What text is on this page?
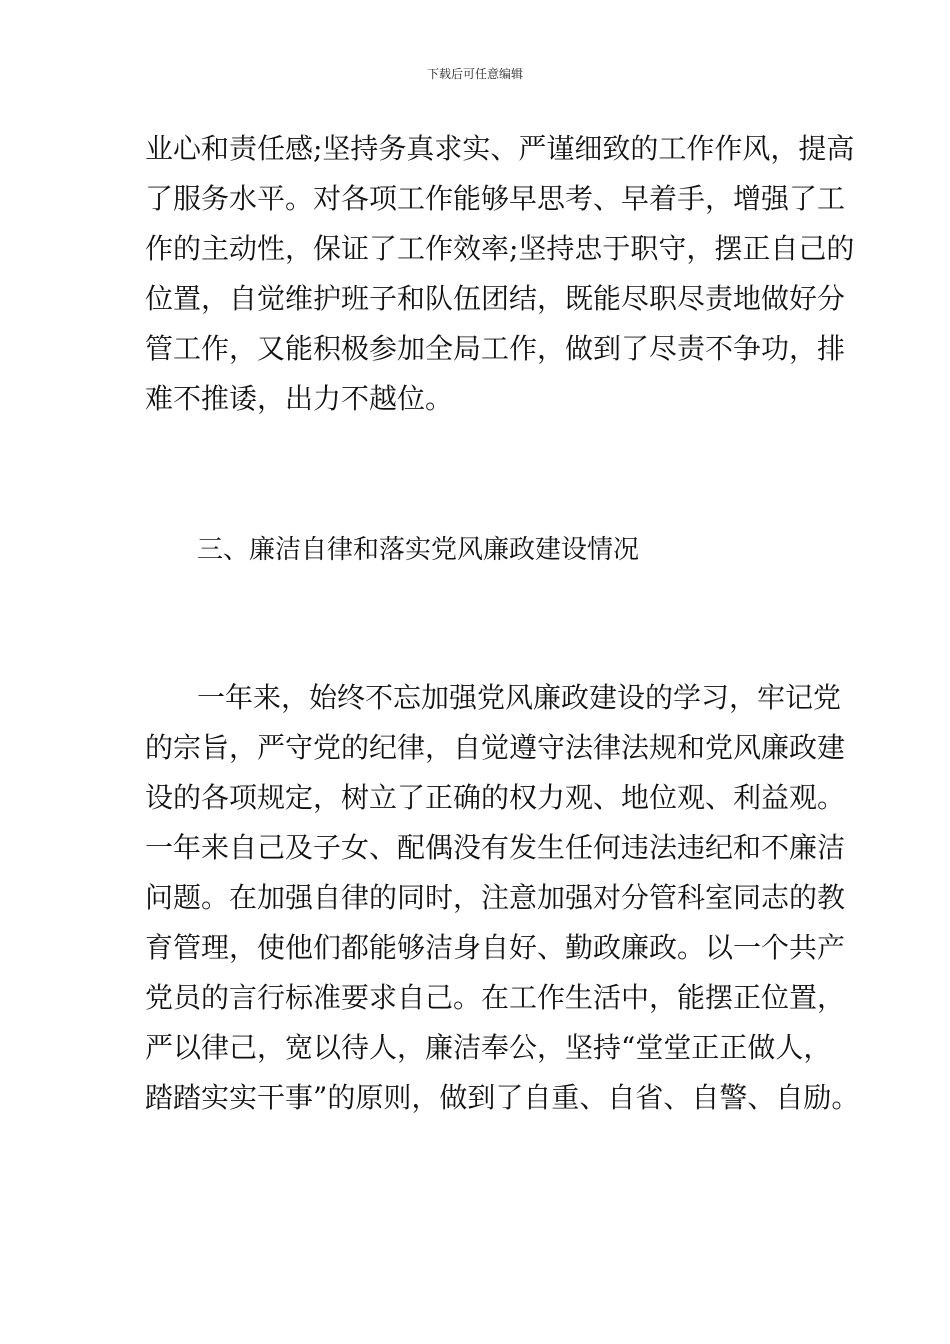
下载后可任意编辑
业心和责任感;坚持务真求实、严谨细致的工作作风，提高
了服务水平。对各项工作能够早思考、早着手，增强了工
作的主动性，保证了工作效率;坚持忠于职守，摆正自己的
位置，自觉维护班子和队伍团结，既能尽职尽责地做好分
管工作，又能积极参加全局工作，做到了尽责不争功，排
难不推诿，出力不越位。
三、廉洁自律和落实党风廉政建设情况
一年来，始终不忘加强党风廉政建设的学习，牢记党
的宗旨，严守党的纪律，自觉遵守法律法规和党风廉政建
设的各项规定，树立了正确的权力观、地位观、利益观。
一年来自己及子女、配偶没有发生任何违法违纪和不廉洁
问题。在加强自律的同时，注意加强对分管科室同志的教
育管理，使他们都能够洁身自好、勤政廉政。以一个共产
党员的言行标准要求自己。在工作生活中，能摆正位置，
严以律己，宽以待人，廉洁奉公，坚持“堂堂正正做人，
踏踏实实干事”的原则，做到了自重、自省、自警、自励。
